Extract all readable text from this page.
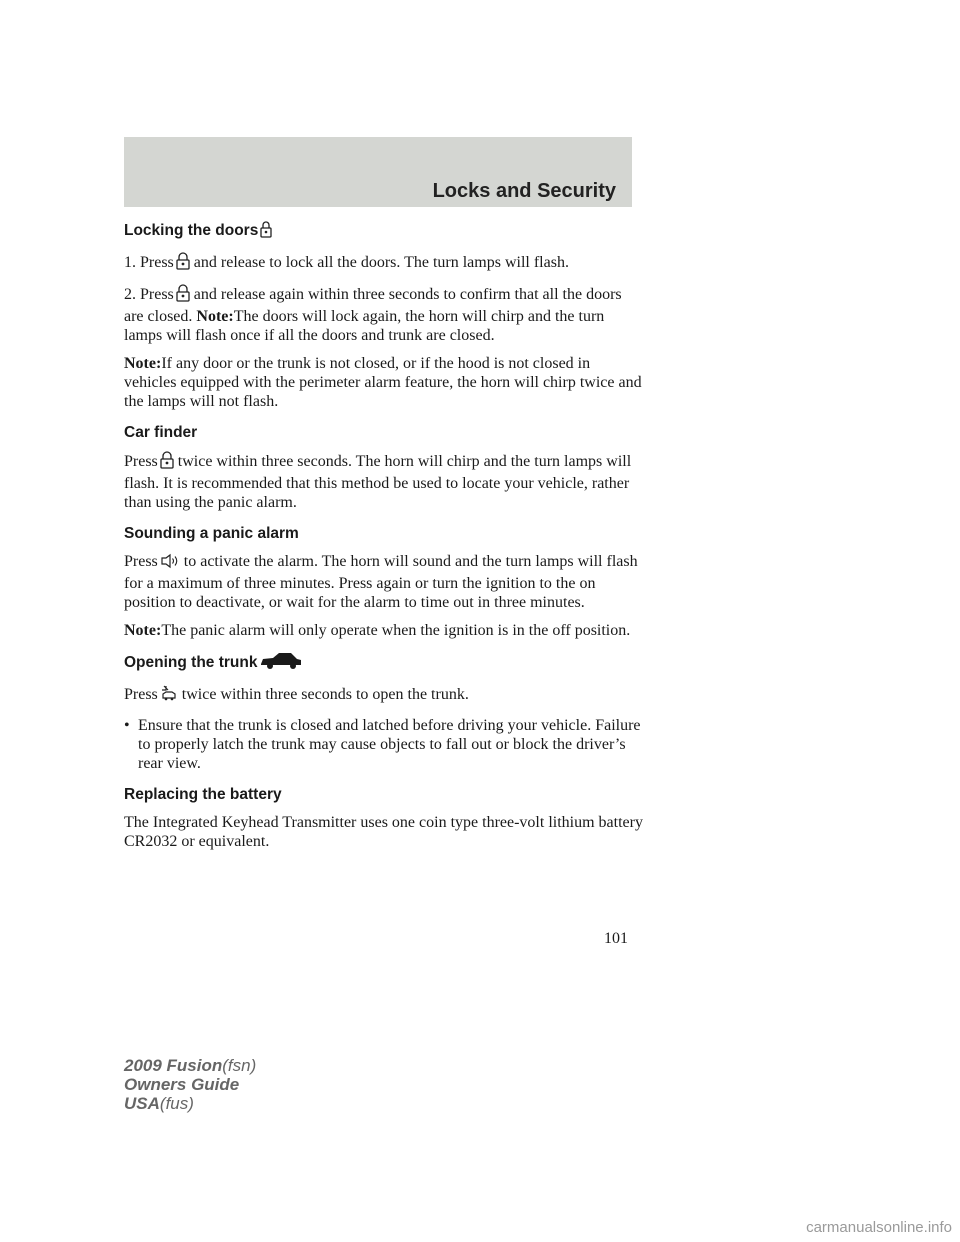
Locks and Security
Locking the doors

1. Press and release to lock all the doors. The turn lamps will flash.

2. Press and release again within three seconds to confirm that all the doors are closed. Note:The doors will lock again, the horn will chirp and the turn lamps will flash once if all the doors and trunk are closed.

Note:If any door or the trunk is not closed, or if the hood is not closed in vehicles equipped with the perimeter alarm feature, the horn will chirp twice and the lamps will not flash.

Car finder

Press twice within three seconds. The horn will chirp and the turn lamps will flash. It is recommended that this method be used to locate your vehicle, rather than using the panic alarm.

Sounding a panic alarm

Press to activate the alarm. The horn will sound and the turn lamps will flash for a maximum of three minutes. Press again or turn the ignition to the on position to deactivate, or wait for the alarm to time out in three minutes.

Note:The panic alarm will only operate when the ignition is in the off position.

Opening the trunk

Press twice within three seconds to open the trunk.

• Ensure that the trunk is closed and latched before driving your vehicle. Failure to properly latch the trunk may cause objects to fall out or block the driver’s rear view.
Replacing the battery

The Integrated Keyhead Transmitter uses one coin type three-volt lithium battery CR2032 or equivalent.

101
2009 Fusion(fsn)
Owners Guide
USA(fus)
carmanualsonline.info
